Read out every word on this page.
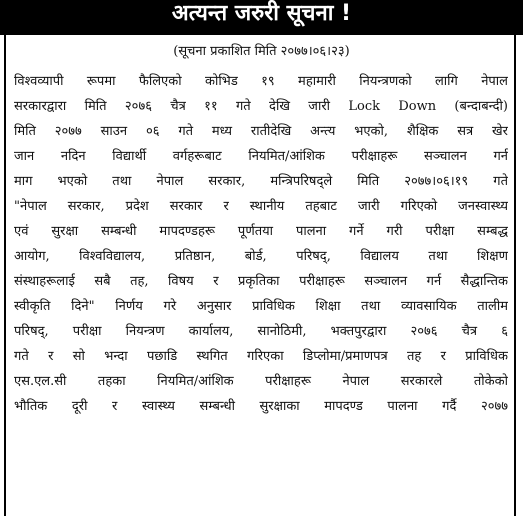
अत्यन्त जरुरी सूचना !
(सूचना प्रकाशित मिति २०७७।०६।२३)
विश्वव्यापी रूपमा फैलिएको कोभिड १९ महामारी नियन्त्रणको लागि नेपाल
सरकारद्वारा मिति २०७६ चैत्र ११ गते देखि जारी Lock Down (बन्दाबन्दी)
मिति २०७७ साउन ०६ गते मध्य रातीदेखि अन्त्य भएको, शैक्षिक सत्र खेर
जान नदिन विद्यार्थी वर्गहरूबाट नियमित/आंशिक परीक्षाहरू सञ्चालन गर्न
माग भएको तथा नेपाल सरकार, मन्त्रिपरिषद्ले मिति २०७७।०६।१९ गते
"नेपाल सरकार, प्रदेश सरकार र स्थानीय तहबाट जारी गरिएको जनस्वास्थ्य
एवं सुरक्षा सम्बन्धी मापदण्डहरू पूर्णतया पालना गर्ने गरी परीक्षा सम्बद्ध
आयोग, विश्वविद्यालय, प्रतिष्ठान, बोर्ड, परिषद्, विद्यालय तथा शिक्षण
संस्थाहरूलाई सबै तह, विषय र प्रकृतिका परीक्षाहरू सञ्चालन गर्न सैद्धान्तिक
स्वीकृति दिने" निर्णय गरे अनुसार प्राविधिक शिक्षा तथा व्यावसायिक तालीम
परिषद्, परीक्षा नियन्त्रण कार्यालय, सानोठिमी, भक्तपुरद्वारा २०७६ चैत्र ६
गते र सो भन्दा पछाडि स्थगित गरिएका डिप्लोमा/प्रमाणपत्र तह र प्राविधिक
एस.एल.सी तहका नियमित/आंशिक परीक्षाहरू नेपाल सरकारले तोकेको
भौतिक दूरी र स्वास्थ्य सम्बन्धी सुरक्षाका मापदण्ड पालना गर्दै २०७७
